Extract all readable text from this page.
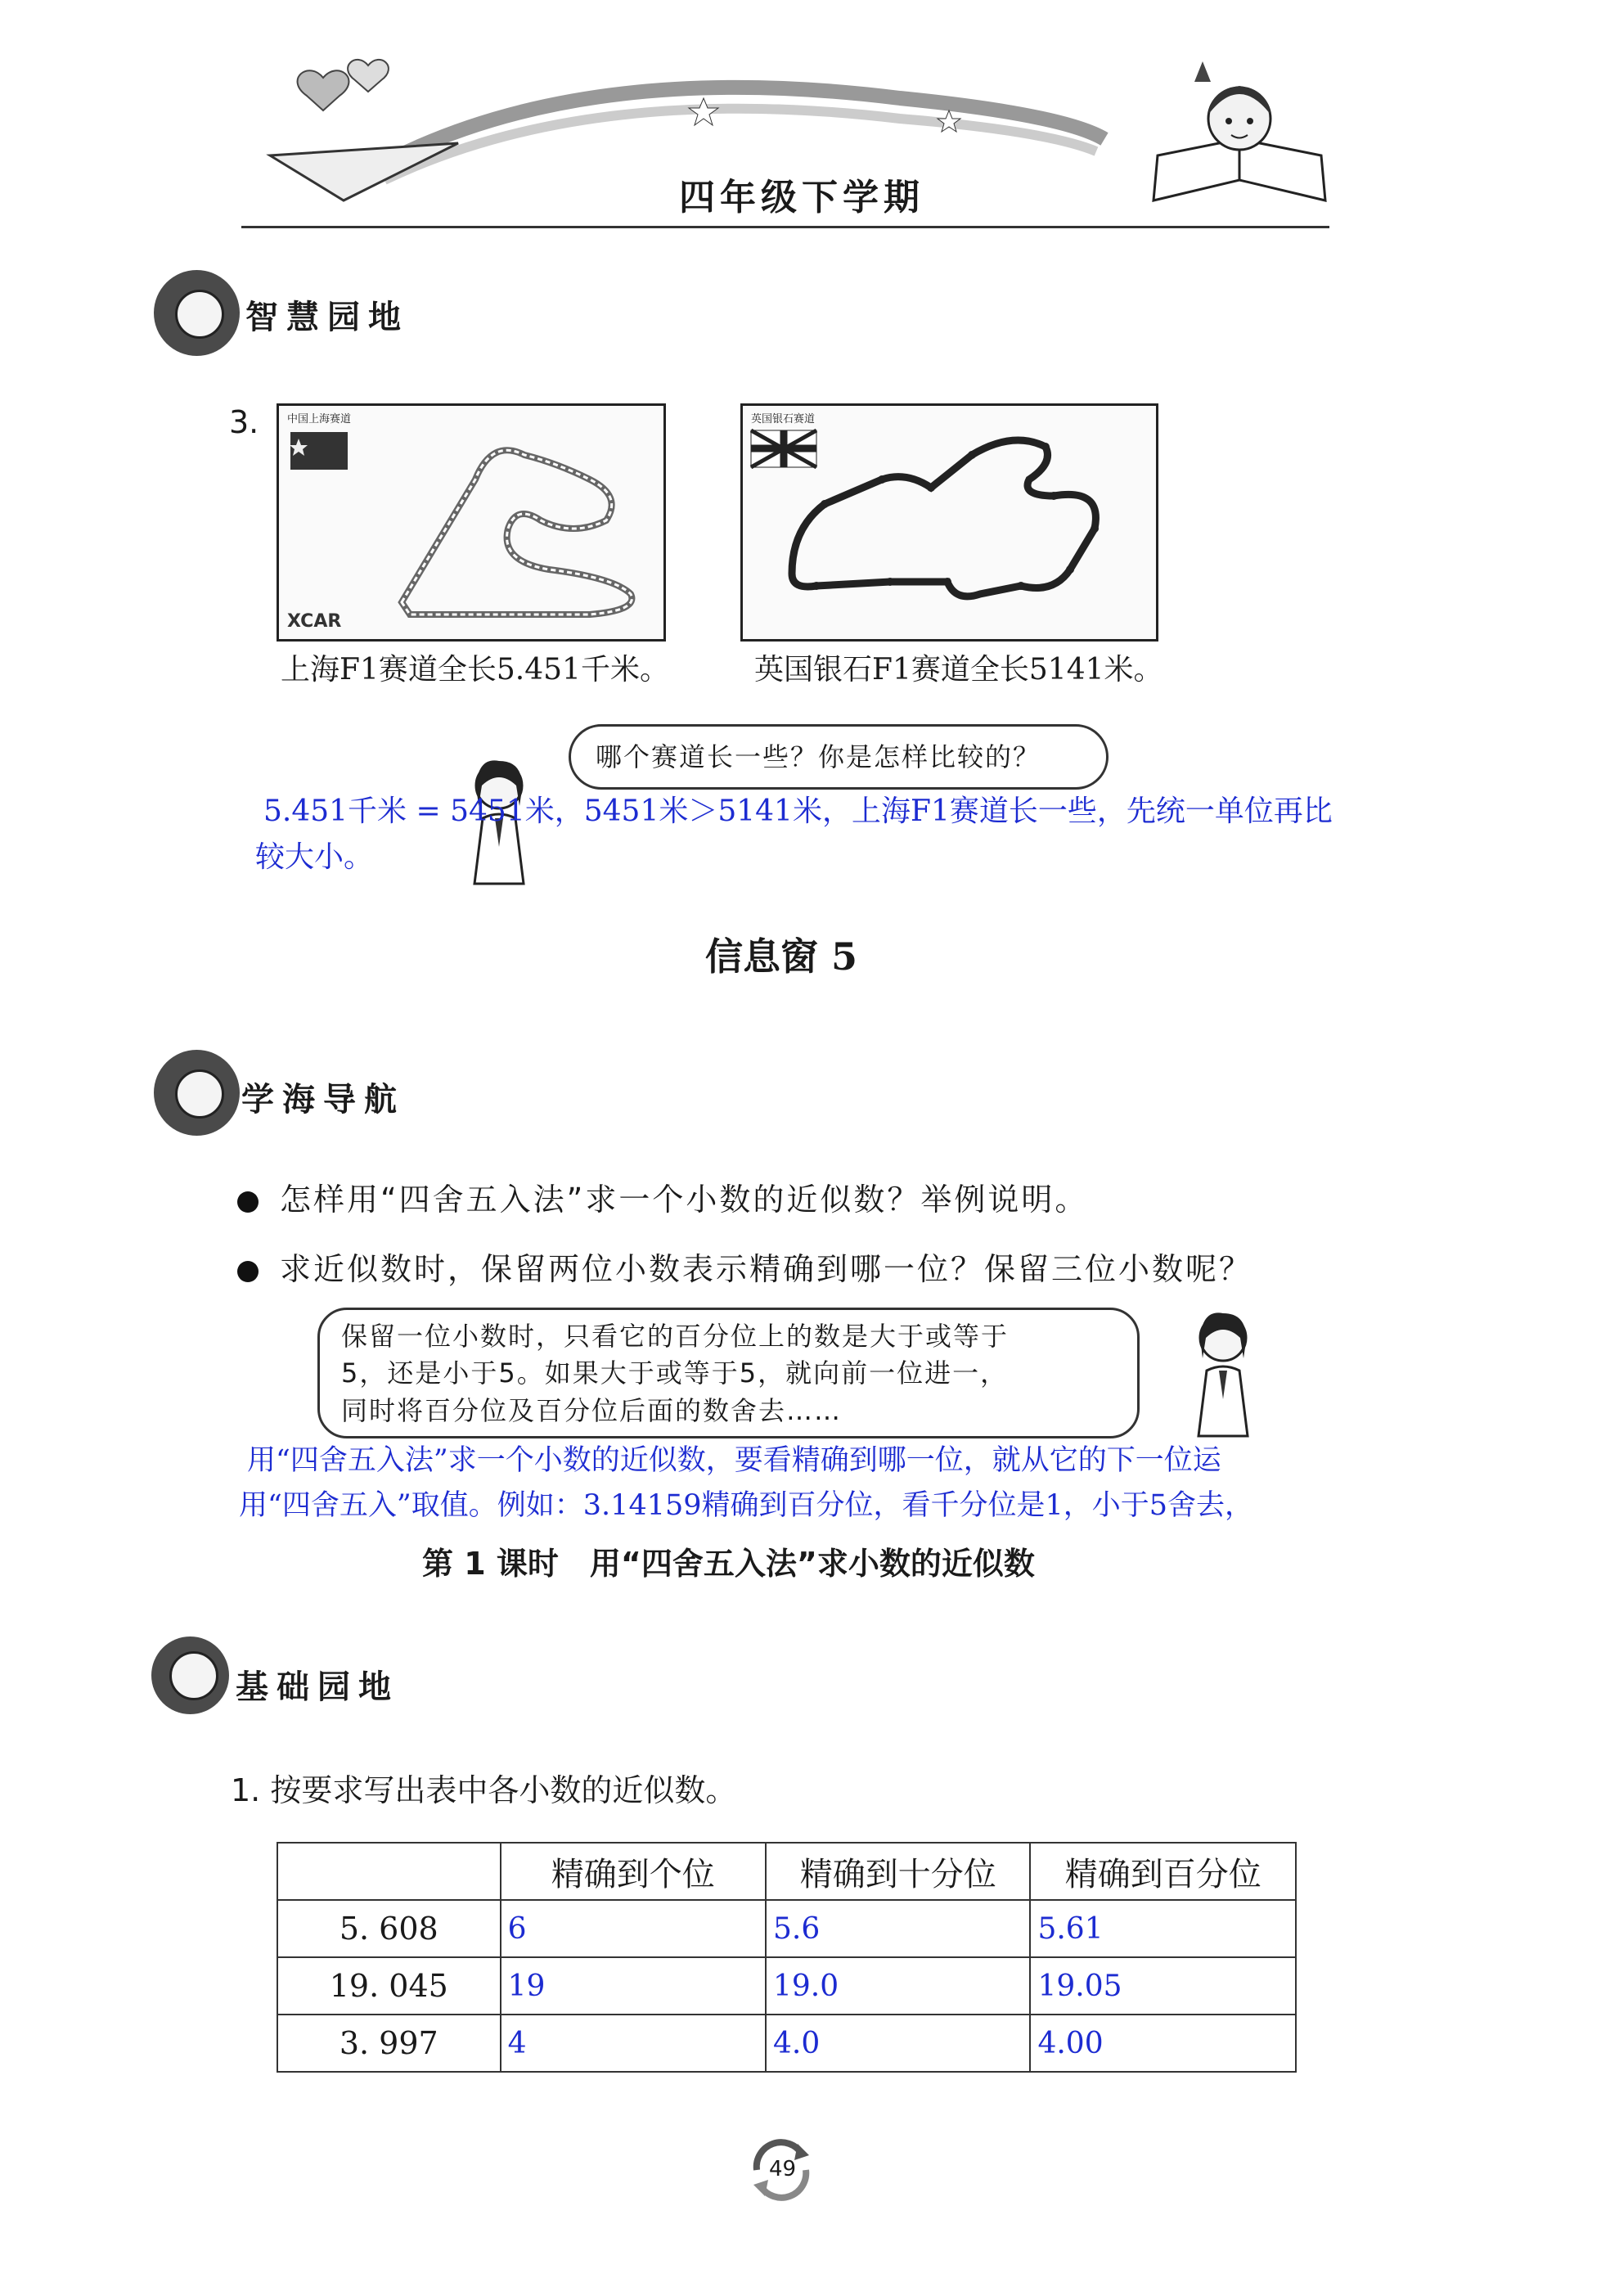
四年级下学期
智慧园地
3.	中国上海赛道
XCAR
上海F1赛道全长5.451千米。
英国银石赛道
英国银石F1赛道全长5141米。
哪个赛道长一些？你是怎样比较的？
5.451千米 = 5451米，5451米＞5141米，上海F1赛道长一些，先统一单位再比
较大小。
信息窗 5
学海导航
怎样用“四舍五入法”求一个小数的近似数？举例说明。
求近似数时，保留两位小数表示精确到哪一位？保留三位小数呢？
保留一位小数时，只看它的百分位上的数是大于或等于
5，还是小于5。如果大于或等于5，就向前一位进一，
同时将百分位及百分位后面的数舍去……
用“四舍五入法”求一个小数的近似数，要看精确到哪一位，就从它的下一位运
用“四舍五入”取值。例如：3.14159精确到百分位，看千分位是1，小于5舍去，
第 1 课时　用“四舍五入法”求小数的近似数
基础园地
1. 按要求写出表中各小数的近似数。
	精确到个位	精确到十分位	精确到百分位
5. 608	6	5.6	5.61
19. 045	19	19.0	19.05
3. 997	4	4.0	4.00
49
